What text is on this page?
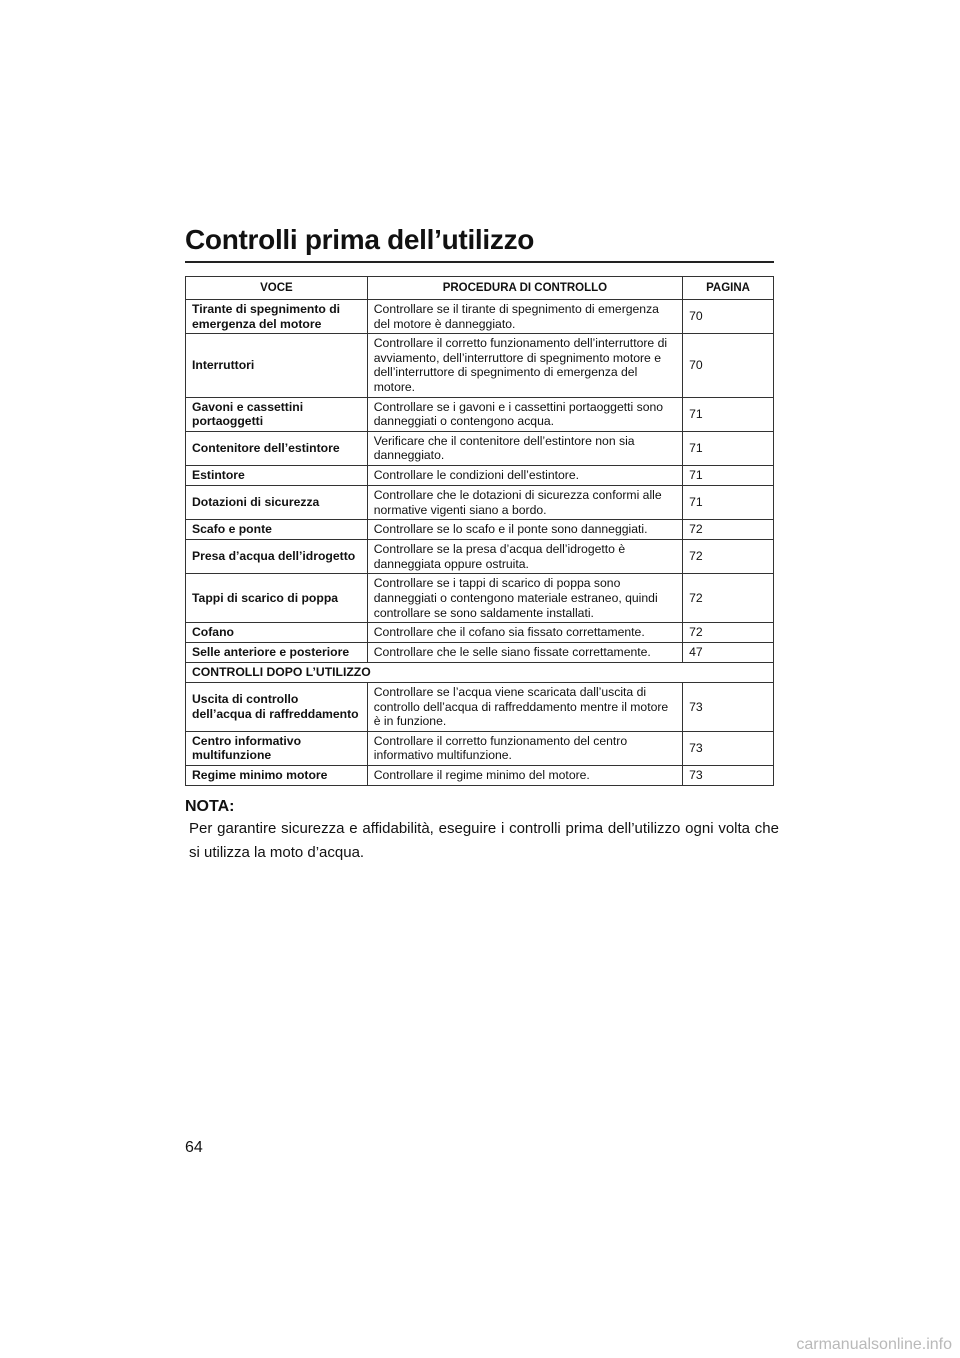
Controlli prima dell’utilizzo
VOCE	PROCEDURA DI CONTROLLO	PAGINA
Tirante di spegnimento di emergenza del motore	Controllare se il tirante di spegnimento di emergenza del motore è danneggiato.	70
Interruttori	Controllare il corretto funzionamento dell’interruttore di avviamento, dell’interruttore di spegnimento motore e dell’interruttore di spegnimento di emergenza del motore.	70
Gavoni e cassettini portaoggetti	Controllare se i gavoni e i cassettini portaoggetti sono danneggiati o contengono acqua.	71
Contenitore dell’estintore	Verificare che il contenitore dell’estintore non sia danneggiato.	71
Estintore	Controllare le condizioni dell’estintore.	71
Dotazioni di sicurezza	Controllare che le dotazioni di sicurezza conformi alle normative vigenti siano a bordo.	71
Scafo e ponte	Controllare se lo scafo e il ponte sono danneggiati.	72
Presa d’acqua dell’idrogetto	Controllare se la presa d’acqua dell’idrogetto è danneggiata oppure ostruita.	72
Tappi di scarico di poppa	Controllare se i tappi di scarico di poppa sono danneggiati o contengono materiale estraneo, quindi controllare se sono saldamente installati.	72
Cofano	Controllare che il cofano sia fissato correttamente.	72
Selle anteriore e posteriore	Controllare che le selle siano fissate correttamente.	47
CONTROLLI DOPO L’UTILIZZO		
Uscita di controllo dell’acqua di raffreddamento	Controllare se l’acqua viene scaricata dall’uscita di controllo dell’acqua di raffreddamento mentre il motore è in funzione.	73
Centro informativo multifunzione	Controllare il corretto funzionamento del centro informativo multifunzione.	73
Regime minimo motore	Controllare il regime minimo del motore.	73
64
NOTA:
Per garantire sicurezza e affidabilità, eseguire i controlli prima dell’utilizzo ogni volta che si utilizza la moto d’acqua.
carmanualsonline.info
